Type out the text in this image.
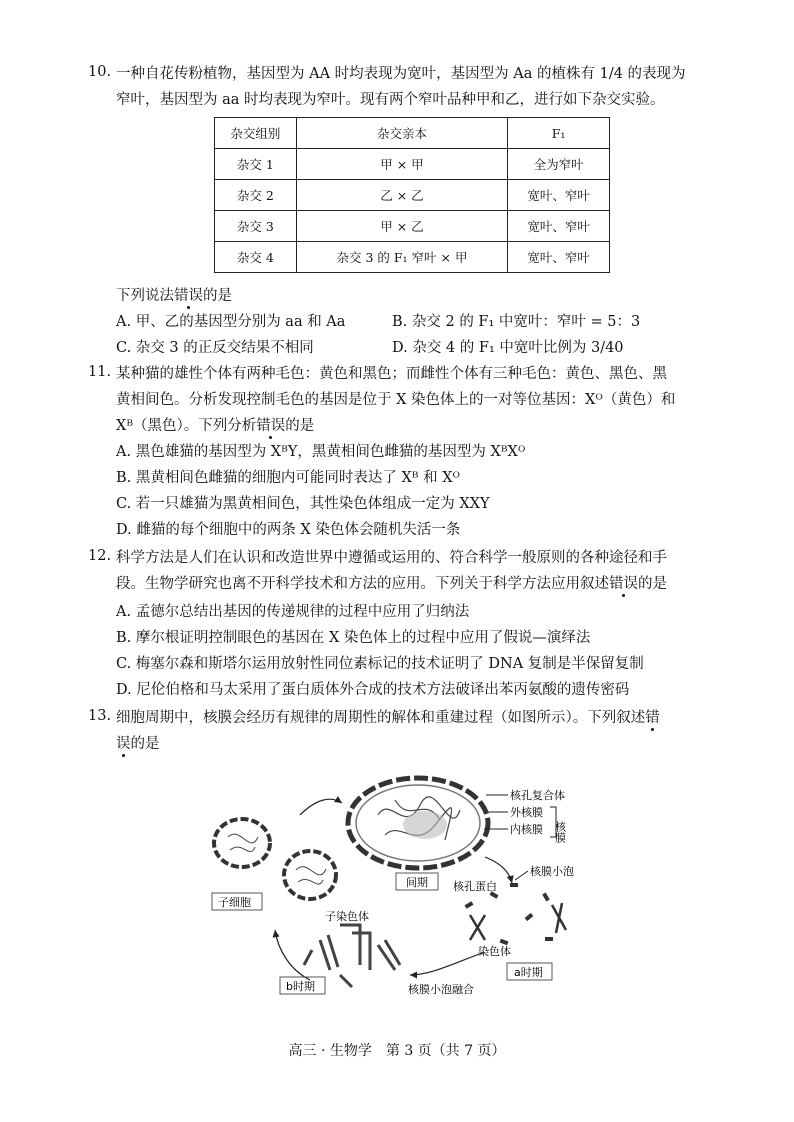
10. 一种自花传粉植物，基因型为 AA 时均表现为宽叶，基因型为 Aa 的植株有 1/4 的表现为
窄叶，基因型为 aa 时均表现为窄叶。现有两个窄叶品种甲和乙，进行如下杂交实验。
杂交组别	杂交亲本	F₁
杂交 1	甲 × 甲	全为窄叶
杂交 2	乙 × 乙	宽叶、窄叶
杂交 3	甲 × 乙	宽叶、窄叶
杂交 4	杂交 3 的 F₁ 窄叶 × 甲	宽叶、窄叶
下列说法错误的是
A. 甲、乙的基因型分别为 aa 和 Aa	B. 杂交 2 的 F₁ 中宽叶：窄叶 = 5：3
C. 杂交 3 的正反交结果不相同	D. 杂交 4 的 F₁ 中宽叶比例为 3/40
11. 某种猫的雄性个体有两种毛色：黄色和黑色；而雌性个体有三种毛色：黄色、黑色、黑
黄相间色。分析发现控制毛色的基因是位于 X 染色体上的一对等位基因：Xᴼ（黄色）和
Xᴮ（黑色）。下列分析错误的是
A. 黑色雄猫的基因型为 XᴮY，黑黄相间色雌猫的基因型为 XᴮXᴼ
B. 黑黄相间色雌猫的细胞内可能同时表达了 Xᴮ 和 Xᴼ
C. 若一只雄猫为黑黄相间色，其性染色体组成一定为 XXY
D. 雌猫的每个细胞中的两条 X 染色体会随机失活一条
12. 科学方法是人们在认识和改造世界中遵循或运用的、符合科学一般原则的各种途径和手
段。生物学研究也离不开科学技术和方法的应用。下列关于科学方法应用叙述错误的是
A. 孟德尔总结出基因的传递规律的过程中应用了归纳法
B. 摩尔根证明控制眼色的基因在 X 染色体上的过程中应用了假说—演绎法
C. 梅塞尔森和斯塔尔运用放射性同位素标记的技术证明了 DNA 复制是半保留复制
D. 尼伦伯格和马太采用了蛋白质体外合成的技术方法破译出苯丙氨酸的遗传密码
13. 细胞周期中，核膜会经历有规律的周期性的解体和重建过程（如图所示）。下列叙述错
误的是
间期
核孔复合体
外核膜
内核膜 核膜
核膜小泡
核孔蛋白
染色体
a时期
核膜小泡融合
子染色体
b时期
子细胞
高三 · 生物学　第 3 页（共 7 页）
